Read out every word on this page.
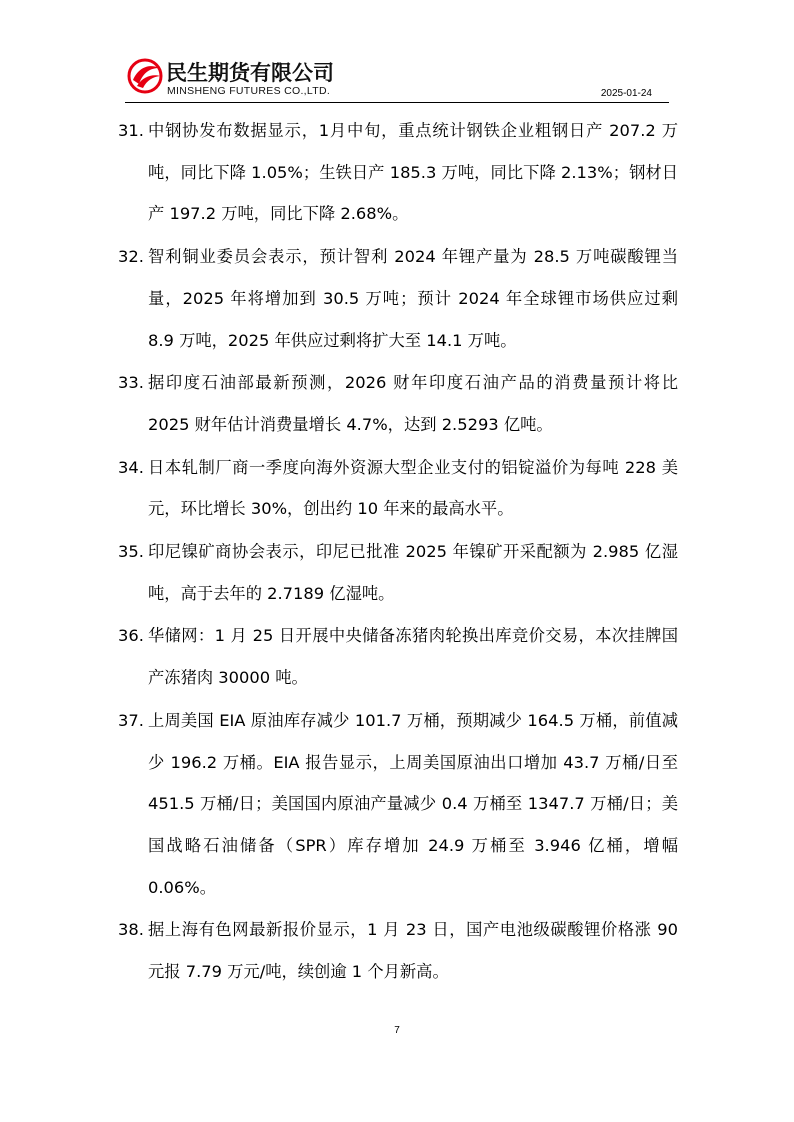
民生期货有限公司
MINSHENG FUTURES CO.,LTD.	2025-01-24
31. 中钢协发布数据显示，1月中旬，重点统计钢铁企业粗钢日产 207.2 万吨，同比下降 1.05%；生铁日产 185.3 万吨，同比下降 2.13%；钢材日产 197.2 万吨，同比下降 2.68%。
32. 智利铜业委员会表示，预计智利 2024 年锂产量为 28.5 万吨碳酸锂当量，2025 年将增加到 30.5 万吨；预计 2024 年全球锂市场供应过剩 8.9 万吨，2025 年供应过剩将扩大至 14.1 万吨。
33. 据印度石油部最新预测，2026 财年印度石油产品的消费量预计将比 2025 财年估计消费量增长 4.7%，达到 2.5293 亿吨。
34. 日本轧制厂商一季度向海外资源大型企业支付的铝锭溢价为每吨 228 美元，环比增长 30%，创出约 10 年来的最高水平。
35. 印尼镍矿商协会表示，印尼已批准 2025 年镍矿开采配额为 2.985 亿湿吨，高于去年的 2.7189 亿湿吨。
36. 华储网：1 月 25 日开展中央储备冻猪肉轮换出库竞价交易，本次挂牌国产冻猪肉 30000 吨。
37. 上周美国 EIA 原油库存减少 101.7 万桶，预期减少 164.5 万桶，前值减少 196.2 万桶。EIA 报告显示，上周美国原油出口增加 43.7 万桶/日至 451.5 万桶/日；美国国内原油产量减少 0.4 万桶至 1347.7 万桶/日；美国战略石油储备（SPR）库存增加 24.9 万桶至 3.946 亿桶，增幅 0.06%。
38. 据上海有色网最新报价显示，1 月 23 日，国产电池级碳酸锂价格涨 90 元报 7.79 万元/吨，续创逾 1 个月新高。
7
